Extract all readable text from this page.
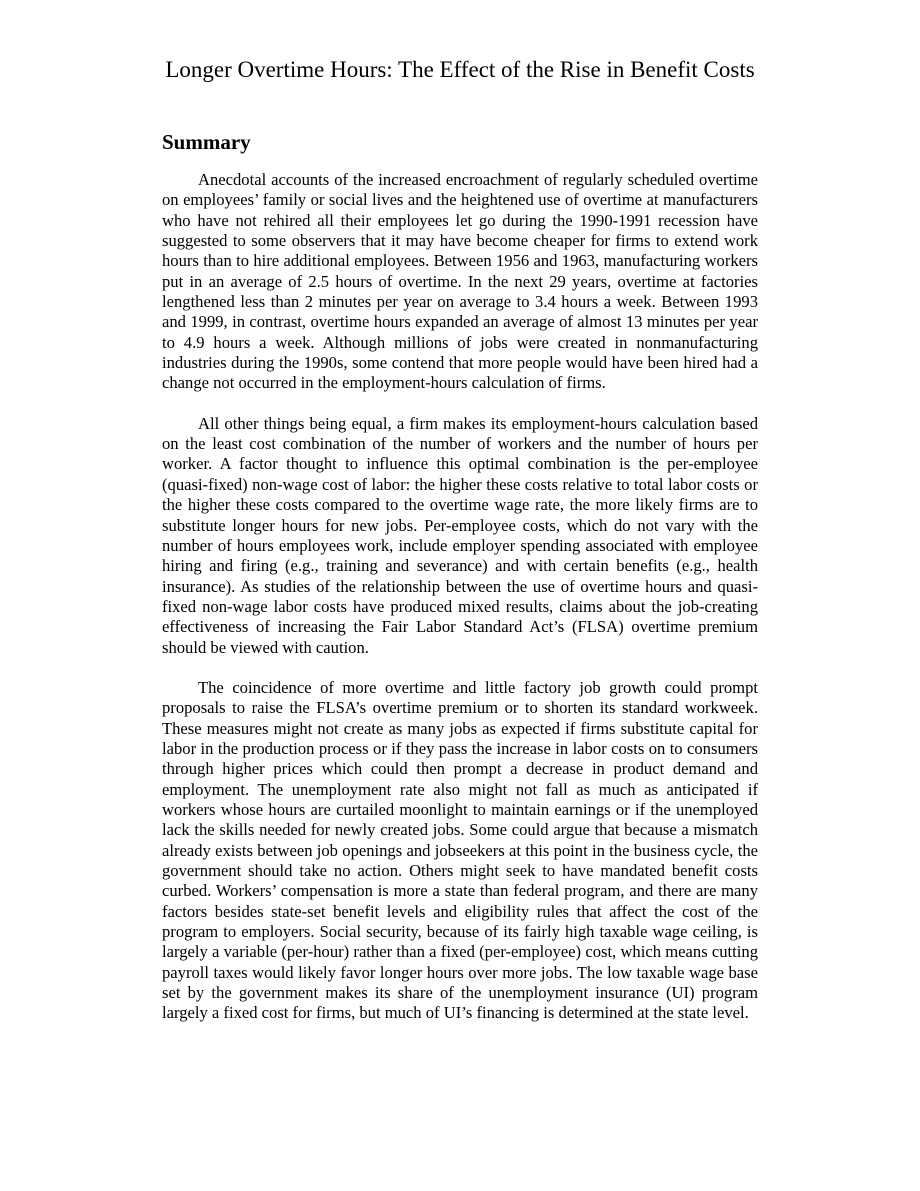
Longer Overtime Hours: The Effect of the Rise in Benefit Costs
Summary

Anecdotal accounts of the increased encroachment of regularly scheduled overtime on employees’ family or social lives and the heightened use of overtime at manufacturers who have not rehired all their employees let go during the 1990-1991 recession have suggested to some observers that it may have become cheaper for firms to extend work hours than to hire additional employees. Between 1956 and 1963, manufacturing workers put in an average of 2.5 hours of overtime. In the next 29 years, overtime at factories lengthened less than 2 minutes per year on average to 3.4 hours a week. Between 1993 and 1999, in contrast, overtime hours expanded an average of almost 13 minutes per year to 4.9 hours a week. Although millions of jobs were created in nonmanufacturing industries during the 1990s, some contend that more people would have been hired had a change not occurred in the employment-hours calculation of firms.

All other things being equal, a firm makes its employment-hours calculation based on the least cost combination of the number of workers and the number of hours per worker. A factor thought to influence this optimal combination is the per-employee (quasi-fixed) non-wage cost of labor: the higher these costs relative to total labor costs or the higher these costs compared to the overtime wage rate, the more likely firms are to substitute longer hours for new jobs. Per-employee costs, which do not vary with the number of hours employees work, include employer spending associated with employee hiring and firing (e.g., training and severance) and with certain benefits (e.g., health insurance). As studies of the relationship between the use of overtime hours and quasi-fixed non-wage labor costs have produced mixed results, claims about the job-creating effectiveness of increasing the Fair Labor Standard Act’s (FLSA) overtime premium should be viewed with caution.

The coincidence of more overtime and little factory job growth could prompt proposals to raise the FLSA’s overtime premium or to shorten its standard workweek. These measures might not create as many jobs as expected if firms substitute capital for labor in the production process or if they pass the increase in labor costs on to consumers through higher prices which could then prompt a decrease in product demand and employment. The unemployment rate also might not fall as much as anticipated if workers whose hours are curtailed moonlight to maintain earnings or if the unemployed lack the skills needed for newly created jobs. Some could argue that because a mismatch already exists between job openings and jobseekers at this point in the business cycle, the government should take no action. Others might seek to have mandated benefit costs curbed. Workers’ compensation is more a state than federal program, and there are many factors besides state-set benefit levels and eligibility rules that affect the cost of the program to employers. Social security, because of its fairly high taxable wage ceiling, is largely a variable (per-hour) rather than a fixed (per-employee) cost, which means cutting payroll taxes would likely favor longer hours over more jobs. The low taxable wage base set by the government makes its share of the unemployment insurance (UI) program largely a fixed cost for firms, but much of UI’s financing is determined at the state level.
